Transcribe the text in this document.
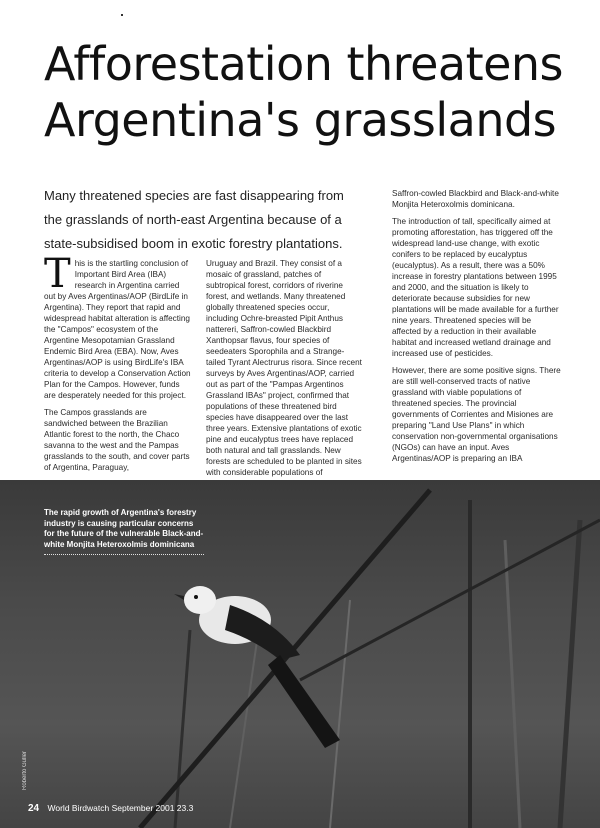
Afforestation threatens Argentina's grasslands

Many threatened species are fast disappearing from the grasslands of north-east Argentina because of a state-subsidised boom in exotic forestry plantations.

This is the startling conclusion of Important Bird Area (IBA) research in Argentina carried out by Aves Argentinas/AOP (BirdLife in Argentina). They report that rapid and widespread habitat alteration is affecting the "Campos" ecosystem of the Argentine Mesopotamian Grassland Endemic Bird Area (EBA). Now, Aves Argentinas/AOP is using BirdLife's IBA criteria to develop a Conservation Action Plan for the Campos. However, funds are desperately needed for this project.

The Campos grasslands are sandwiched between the Brazilian Atlantic forest to the north, the Chaco savanna to the west and the Pampas grasslands to the south, and cover parts of Argentina, Paraguay,

Uruguay and Brazil. They consist of a mosaic of grassland, patches of subtropical forest, corridors of riverine forest, and wetlands. Many threatened globally threatened species occur, including Ochre-breasted Pipit Anthus nattereri, Saffron-cowled Blackbird Xanthopsar flavus, four species of seedeaters Sporophila and a Strange-tailed Tyrant Alectrurus risora. Since recent surveys by Aves Argentinas/AOP, carried out as part of the "Pampas Argentinos Grassland IBAs" project, confirmed that populations of these threatened bird species have disappeared over the last three years. Extensive plantations of exotic pine and eucalyptus trees have replaced both natural and tall grasslands. New forests are scheduled to be planted in sites with considerable populations of

Saffron-cowled Blackbird and Black-and-white Monjita Heteroxolmis dominicana.

The introduction of tall, specifically aimed at promoting afforestation, has triggered off the widespread land-use change, with exotic conifers to be replaced by eucalyptus (eucalyptus). As a result, there was a 50% increase in forestry plantations between 1995 and 2000, and the situation is likely to deteriorate because subsidies for new plantations will be made available for a further nine years. Threatened species will be affected by a reduction in their available habitat and increased wetland drainage and increased use of pesticides.

However, there are some positive signs. There are still well-conserved tracts of native grassland with viable populations of threatened species. The provincial governments of Corrientes and Misiones are preparing "Land Use Plans" in which conservation non-governmental organisations (NGOs) can have an input. Aves Argentinas/AOP is preparing an IBA

The rapid growth of Argentina's forestry industry is causing particular concerns for the future of the vulnerable Black-and-white Monjita Heteroxolmis dominicana
Roberto Güller
24 World Birdwatch September 2001 23.3
